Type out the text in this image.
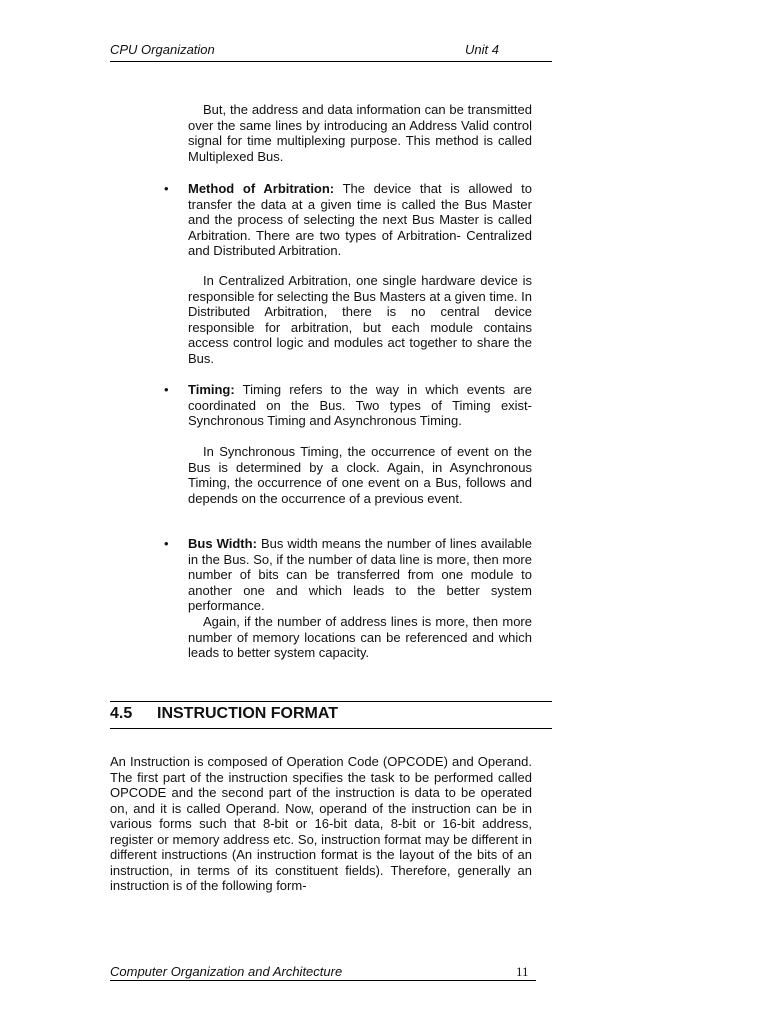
CPU Organization	Unit 4
But, the address and data information can be transmitted over the same lines by introducing an Address Valid control signal for time multiplexing purpose. This method is called Multiplexed Bus.
• Method of Arbitration: The device that is allowed to transfer the data at a given time is called the Bus Master and the process of selecting the next Bus Master is called Arbitration. There are two types of Arbitration- Centralized and Distributed Arbitration.
In Centralized Arbitration, one single hardware device is responsible for selecting the Bus Masters at a given time. In Distributed Arbitration, there is no central device responsible for arbitration, but each module contains access control logic and modules act together to share the Bus.
• Timing: Timing refers to the way in which events are coordinated on the Bus. Two types of Timing exist- Synchronous Timing and Asynchronous Timing.
In Synchronous Timing, the occurrence of event on the Bus is determined by a clock. Again, in Asynchronous Timing, the occurrence of one event on a Bus, follows and depends on the occurrence of a previous event.
• Bus Width: Bus width means the number of lines available in the Bus. So, if the number of data line is more, then more number of bits can be transferred from one module to another one and which leads to the better system performance.
Again, if the number of address lines is more, then more number of memory locations can be referenced and which leads to better system capacity.
4.5 INSTRUCTION FORMAT
An Instruction is composed of Operation Code (OPCODE) and Operand. The first part of the instruction specifies the task to be performed called OPCODE and the second part of the instruction is data to be operated on, and it is called Operand. Now, operand of the instruction can be in various forms such that 8-bit or 16-bit data, 8-bit or 16-bit address, register or memory address etc. So, instruction format may be different in different instructions (An instruction format is the layout of the bits of an instruction, in terms of its constituent fields). Therefore, generally an instruction is of the following form-
Computer Organization and Architecture	11
